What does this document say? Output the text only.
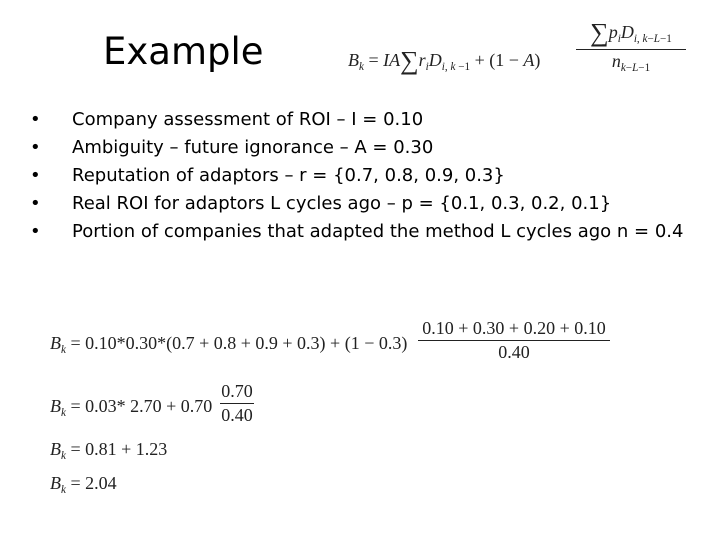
Example	$B_k = IA\sum r_iD_{i, k -1} + (1 - A)$
$\sum p_iD_{i, k-L-1}$
$n_{k-L-1}$
• Company assessment of ROI – I = 0.10
• Ambiguity – future ignorance – A = 0.30
• Reputation of adaptors – r = {0.7, 0.8, 0.9, 0.3}
• Real ROI for adaptors L cycles ago – p = {0.1, 0.3, 0.2, 0.1}
• Portion of companies that adapted the method L cycles ago n = 0.4
$B_k = 0.10*0.30*(0.7 + 0.8 + 0.9 + 0.3) + (1 - 0.3)$
0.10 + 0.30 + 0.20 + 0.10
0.40
$B_k = 0.03*$ 2.70 + 0.70
0.70
0.40
$B_k = 0.81 + 1.23$
$B_k = 2.04$
